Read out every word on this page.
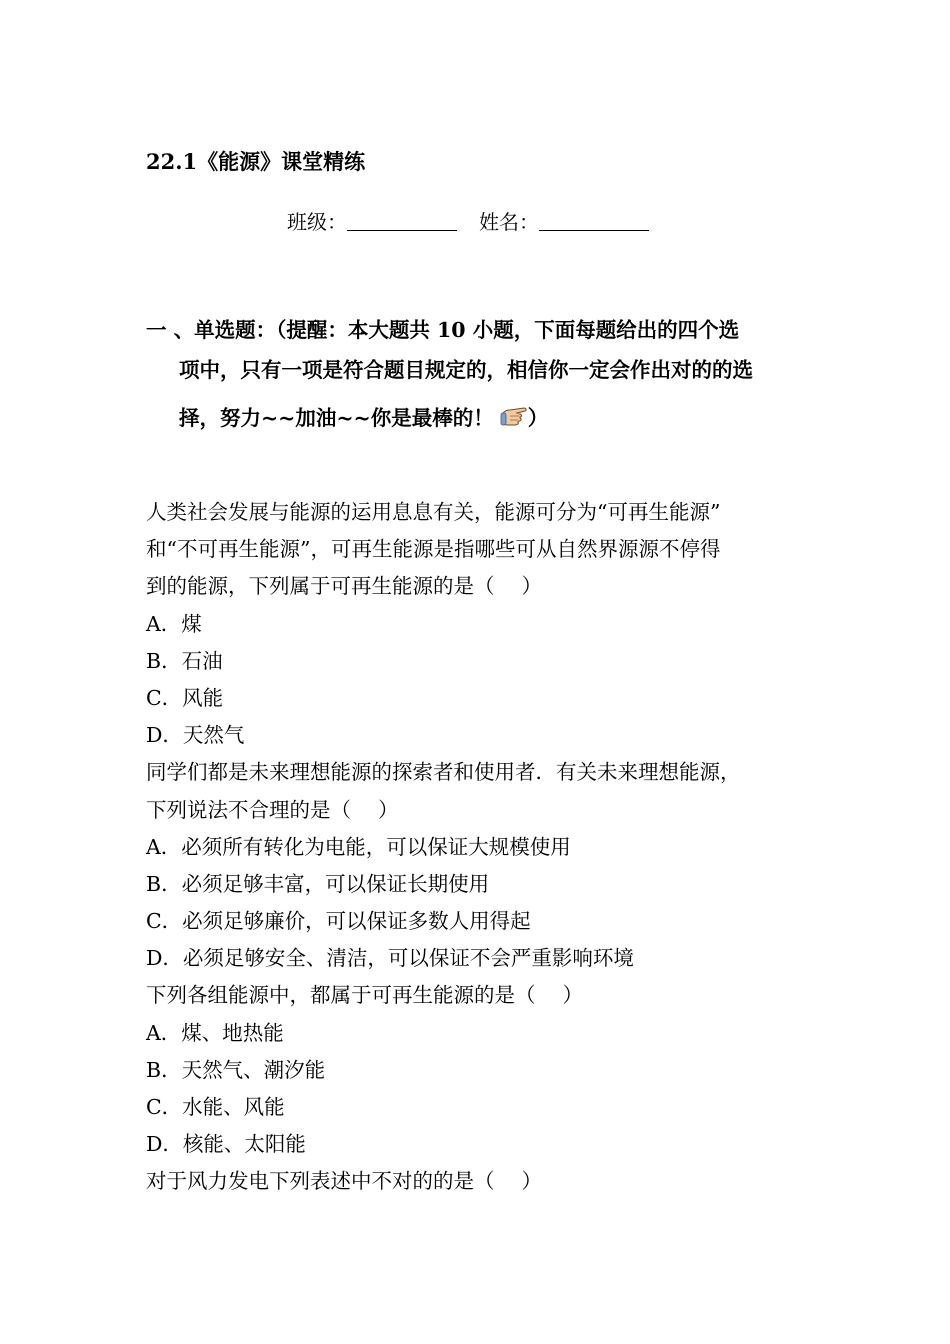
22.1《能源》课堂精练
班级：	姓名：
一 、单选题：（提醒：本大题共 10 小题，下面每题给出的四个选
项中，只有一项是符合题目规定的，相信你一定会作出对的的选
择，努力~~加油~~你是最棒的！ ）
人类社会发展与能源的运用息息有关，能源可分为“可再生能源”
和“不可再生能源”，可再生能源是指哪些可从自然界源源不停得
到的能源，下列属于可再生能源的是（　 ）
A．煤
B．石油
C．风能
D．天然气
同学们都是未来理想能源的探索者和使用者．有关未来理想能源，
下列说法不合理的是（　 ）
A．必须所有转化为电能，可以保证大规模使用
B．必须足够丰富，可以保证长期使用
C．必须足够廉价，可以保证多数人用得起
D．必须足够安全、清洁，可以保证不会严重影响环境
下列各组能源中，都属于可再生能源的是（　 ）
A．煤、地热能
B．天然气、潮汐能
C．水能、风能
D．核能、太阳能
对于风力发电下列表述中不对的的是（　 ）
